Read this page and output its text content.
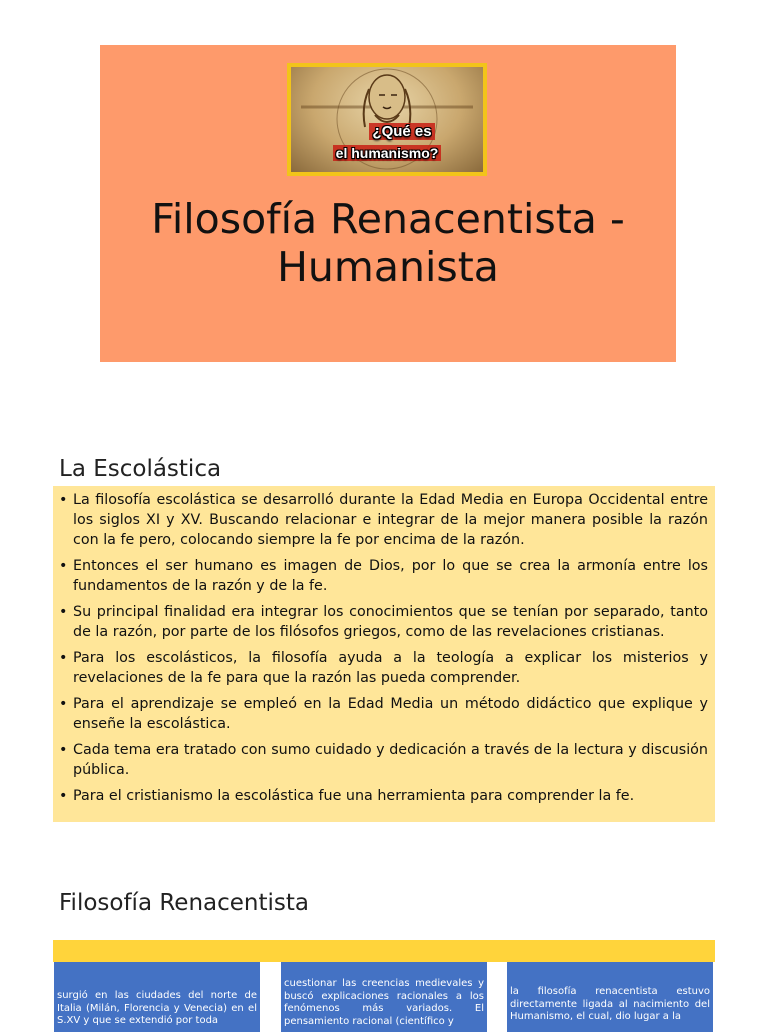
¿Qué es
el humanismo?
Filosofía Renacentista - Humanista
La Escolástica
• La filosofía escolástica se desarrolló durante la Edad Media en Europa Occidental entre los siglos XI y XV. Buscando relacionar e integrar de la mejor manera posible la razón con la fe pero, colocando siempre la fe por encima de la razón.
• Entonces el ser humano es imagen de Dios, por lo que se crea la armonía entre los fundamentos de la razón y de la fe.
• Su principal finalidad era integrar los conocimientos que se tenían por separado, tanto de la razón, por parte de los filósofos griegos, como de las revelaciones cristianas.
• Para los escolásticos, la filosofía ayuda a la teología a explicar los misterios y revelaciones de la fe para que la razón las pueda comprender.
• Para el aprendizaje se empleó en la Edad Media un método didáctico que explique y enseñe la escolástica.
• Cada tema era tratado con sumo cuidado y dedicación a través de la lectura y discusión pública.
• Para el cristianismo la escolástica fue una herramienta para comprender la fe.
Filosofía Renacentista
surgió en las ciudades del norte de Italia (Milán, Florencia y Venecia) en el S.XV y que se extendió por toda
cuestionar las creencias medievales y buscó explicaciones racionales a los fenómenos más variados. El pensamiento racional (científico y
la filosofía renacentista estuvo directamente ligada al nacimiento del Humanismo, el cual, dio lugar a la
